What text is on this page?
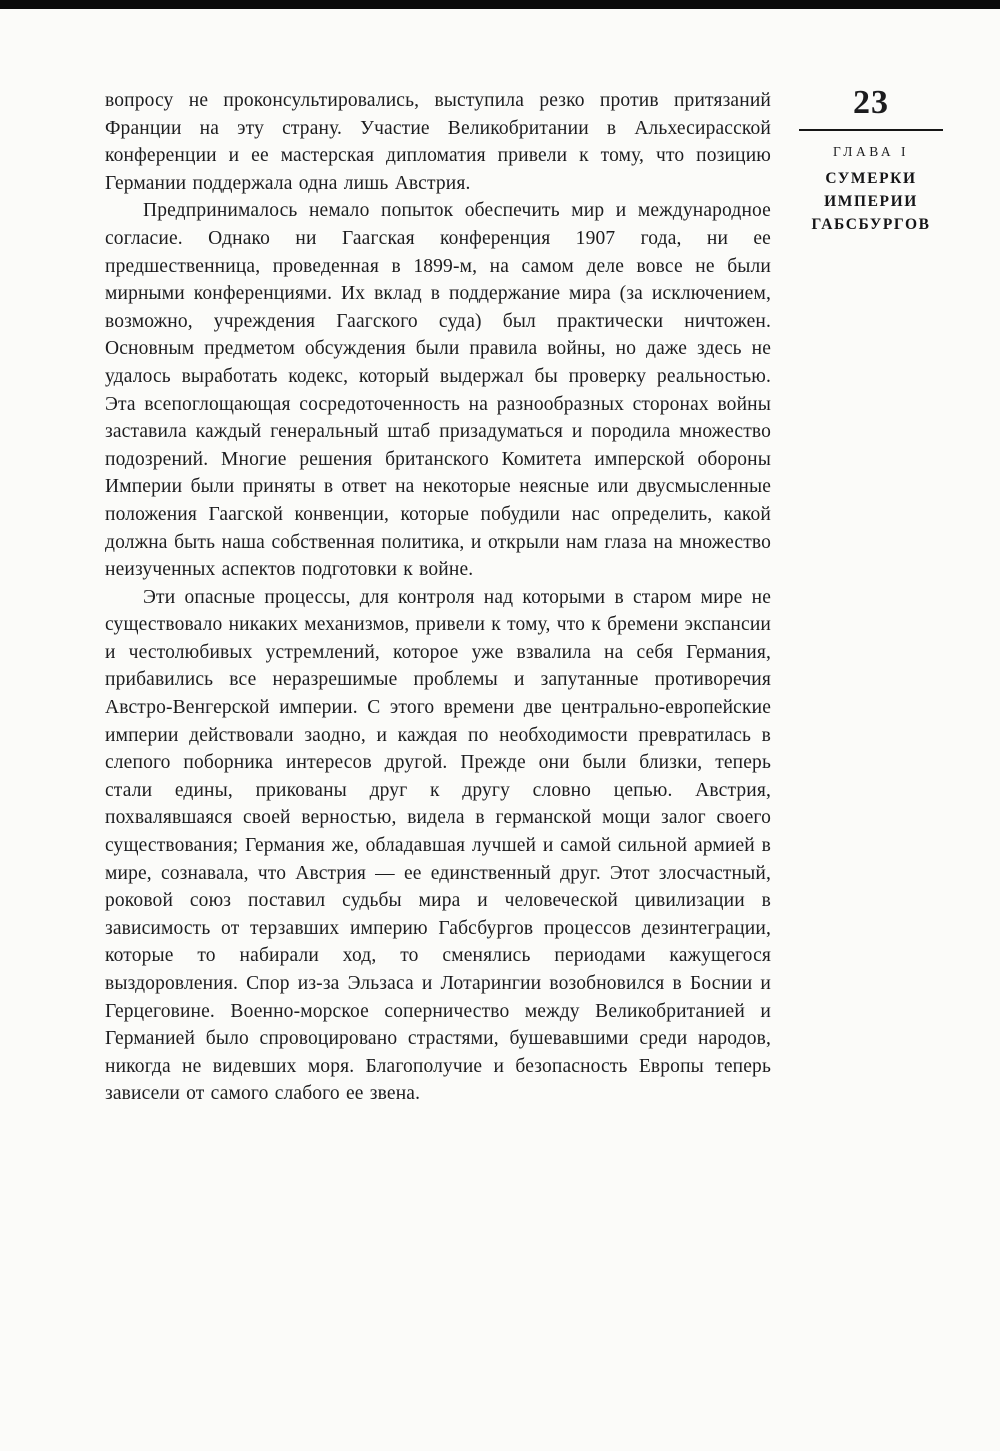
вопросу не проконсультировались, выступила резко против притязаний Франции на эту страну. Участие Великобритании в Альхесирасской конференции и ее мастерская дипломатия привели к тому, что позицию Германии поддержала одна лишь Австрия.

Предпринималось немало попыток обеспечить мир и международное согласие. Однако ни Гаагская конференция 1907 года, ни ее предшественница, проведенная в 1899-м, на самом деле вовсе не были мирными конференциями. Их вклад в поддержание мира (за исключением, возможно, учреждения Гаагского суда) был практически ничтожен. Основным предметом обсуждения были правила войны, но даже здесь не удалось выработать кодекс, который выдержал бы проверку реальностью. Эта всепоглощающая сосредоточенность на разнообразных сторонах войны заставила каждый генеральный штаб призадуматься и породила множество подозрений. Многие решения британского Комитета имперской обороны Империи были приняты в ответ на некоторые неясные или двусмысленные положения Гаагской конвенции, которые побудили нас определить, какой должна быть наша собственная политика, и открыли нам глаза на множество неизученных аспектов подготовки к войне.

Эти опасные процессы, для контроля над которыми в старом мире не существовало никаких механизмов, привели к тому, что к бремени экспансии и честолюбивых устремлений, которое уже взвалила на себя Германия, прибавились все неразрешимые проблемы и запутанные противоречия Австро-Венгерской империи. С этого времени две центрально-европейские империи действовали заодно, и каждая по необходимости превратилась в слепого поборника интересов другой. Прежде они были близки, теперь стали едины, прикованы друг к другу словно цепью. Австрия, похвалявшаяся своей верностью, видела в германской мощи залог своего существования; Германия же, обладавшая лучшей и самой сильной армией в мире, сознавала, что Австрия — ее единственный друг. Этот злосчастный, роковой союз поставил судьбы мира и человеческой цивилизации в зависимость от терзавших империю Габсбургов процессов дезинтеграции, которые то набирали ход, то сменялись периодами кажущегося выздоровления. Спор из-за Эльзаса и Лотарингии возобновился в Боснии и Герцеговине. Военно-морское соперничество между Великобританией и Германией было спровоцировано страстями, бушевавшими среди народов, никогда не видевших моря. Благополучие и безопасность Европы теперь зависели от самого слабого ее звена.

23
ГЛАВА I
СУМЕРКИ ИМПЕРИИ ГАБСБУРГОВ
